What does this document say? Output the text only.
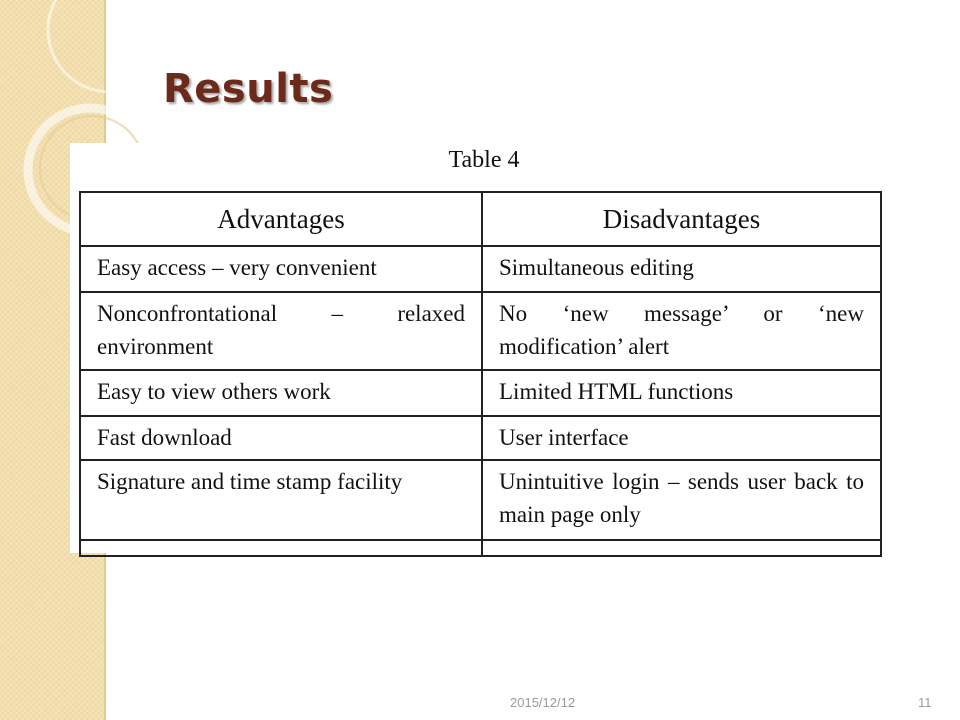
Results
Table 4
Advantages	Disadvantages
Easy access – very convenient	Simultaneous editing
Nonconfrontational – relaxed environment	No ‘new message’ or ‘new modification’ alert
Easy to view others work	Limited HTML functions
Fast download	User interface
Signature and time stamp facility	Unintuitive login – sends user back to main page only

2015/12/12	11
